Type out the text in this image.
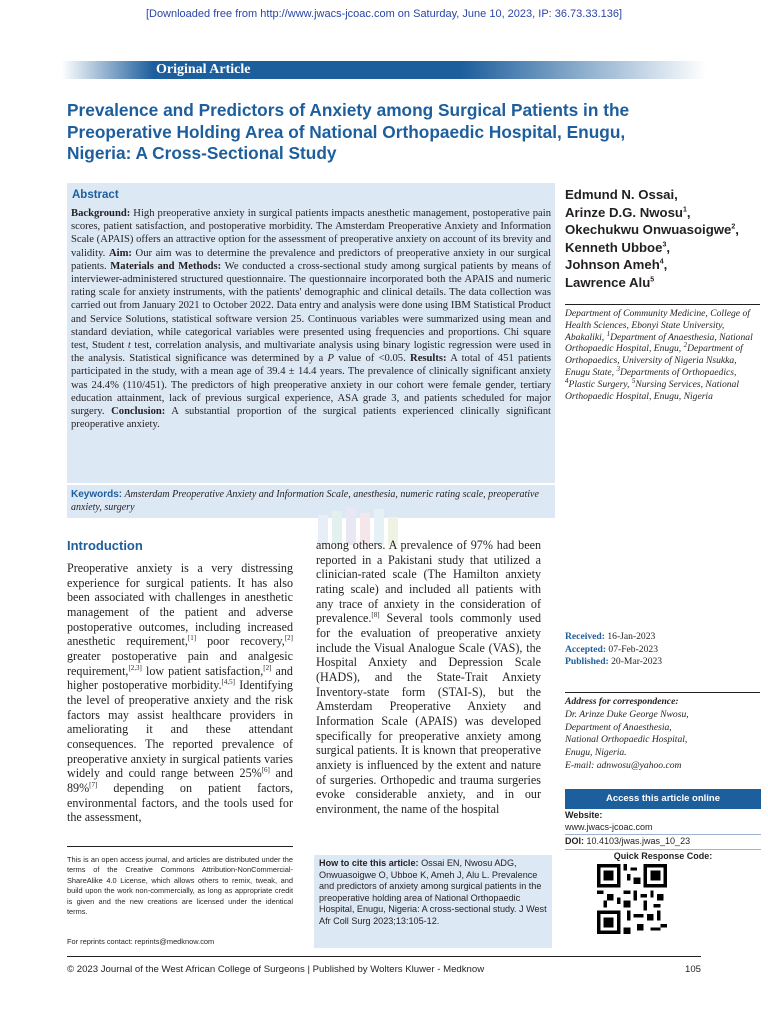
[Downloaded free from http://www.jwacs-jcoac.com on Saturday, June 10, 2023, IP: 36.73.33.136]
Original Article
Prevalence and Predictors of Anxiety among Surgical Patients in the Preoperative Holding Area of National Orthopaedic Hospital, Enugu, Nigeria: A Cross-Sectional Study
Abstract
Background: High preoperative anxiety in surgical patients impacts anesthetic management, postoperative pain scores, patient satisfaction, and postoperative morbidity. The Amsterdam Preoperative Anxiety and Information Scale (APAIS) offers an attractive option for the assessment of preoperative anxiety on account of its brevity and validity. Aim: Our aim was to determine the prevalence and predictors of preoperative anxiety in our surgical patients. Materials and Methods: We conducted a cross-sectional study among surgical patients by means of interviewer-administered structured questionnaire. The questionnaire incorporated both the APAIS and numeric rating scale for anxiety instruments, with the patients' demographic and clinical details. The data collection was carried out from January 2021 to October 2022. Data entry and analysis were done using IBM Statistical Product and Service Solutions, statistical software version 25. Continuous variables were summarized using mean and standard deviation, while categorical variables were presented using frequencies and proportions. Chi square test, Student t test, correlation analysis, and multivariate analysis using binary logistic regression were used in the analysis. Statistical significance was determined by a P value of <0.05. Results: A total of 451 patients participated in the study, with a mean age of 39.4 ± 14.4 years. The prevalence of clinically significant anxiety was 24.4% (110/451). The predictors of high preoperative anxiety in our cohort were female gender, tertiary education attainment, lack of previous surgical experience, ASA grade 3, and patients scheduled for major surgery. Conclusion: A substantial proportion of the surgical patients experienced clinically significant preoperative anxiety.
Keywords: Amsterdam Preoperative Anxiety and Information Scale, anesthesia, numeric rating scale, preoperative anxiety, surgery
Edmund N. Ossai,
Arinze D.G. Nwosu$^1$,
Okechukwu Onwuasoigwe$^2$,
Kenneth Ubboe$^3$,
Johnson Ameh$^4$,
Lawrence Alu$^5$
Department of Community Medicine, College of Health Sciences, Ebonyi State University, Abakaliki, $^1$Department of Anaesthesia, National Orthopaedic Hospital, Enugu, $^2$Department of Orthopaedics, University of Nigeria Nsukka, Enugu State, $^3$Departments of Orthopaedics, $^4$Plastic Surgery, $^5$Nursing Services, National Orthopaedic Hospital, Enugu, Nigeria
Received: 16-Jan-2023
Accepted: 07-Feb-2023
Published: 20-Mar-2023
Address for correspondence:
Dr. Arinze Duke George Nwosu,
Department of Anaesthesia,
National Orthopaedic Hospital,
Enugu, Nigeria.
E-mail: adnwosu@yahoo.com
Access this article online
Website:
www.jwacs-jcoac.com
DOI: 10.4103/jwas.jwas_10_23
Quick Response Code:
Introduction
Preoperative anxiety is a very distressing experience for surgical patients. It has also been associated with challenges in anesthetic management of the patient and adverse postoperative outcomes, including increased anesthetic requirement,[1] poor recovery,[2] greater postoperative pain and analgesic requirement,[2,3] low patient satisfaction,[2] and higher postoperative morbidity.[4,5] Identifying the level of preoperative anxiety and the risk factors may assist healthcare providers in ameliorating it and these attendant consequences. The reported prevalence of preoperative anxiety in surgical patients varies widely and could range between 25%[6] and 89%[7] depending on patient factors, environmental factors, and the tools used for the assessment,
among others. A prevalence of 97% had been reported in a Pakistani study that utilized a clinician-rated scale (The Hamilton anxiety rating scale) and included all patients with any trace of anxiety in the consideration of prevalence.[8] Several tools commonly used for the evaluation of preoperative anxiety include the Visual Analogue Scale (VAS), the Hospital Anxiety and Depression Scale (HADS), and the State-Trait Anxiety Inventory-state form (STAI-S), but the Amsterdam Preoperative Anxiety and Information Scale (APAIS) was developed specifically for preoperative anxiety among surgical patients. It is known that preoperative anxiety is influenced by the extent and nature of surgeries. Orthopedic and trauma surgeries evoke considerable anxiety, and in our environment, the name of the hospital
This is an open access journal, and articles are distributed under the terms of the Creative Commons Attribution-NonCommercial-ShareAlike 4.0 License, which allows others to remix, tweak, and build upon the work non-commercially, as long as appropriate credit is given and the new creations are licensed under the identical terms.
For reprints contact: reprints@medknow.com
How to cite this article: Ossai EN, Nwosu ADG, Onwuasoigwe O, Ubboe K, Ameh J, Alu L. Prevalence and predictors of anxiety among surgical patients in the preoperative holding area of National Orthopaedic Hospital, Enugu, Nigeria: A cross-sectional study. J West Afr Coll Surg 2023;13:105-12.
© 2023 Journal of the West African College of Surgeons | Published by Wolters Kluwer - Medknow	105
